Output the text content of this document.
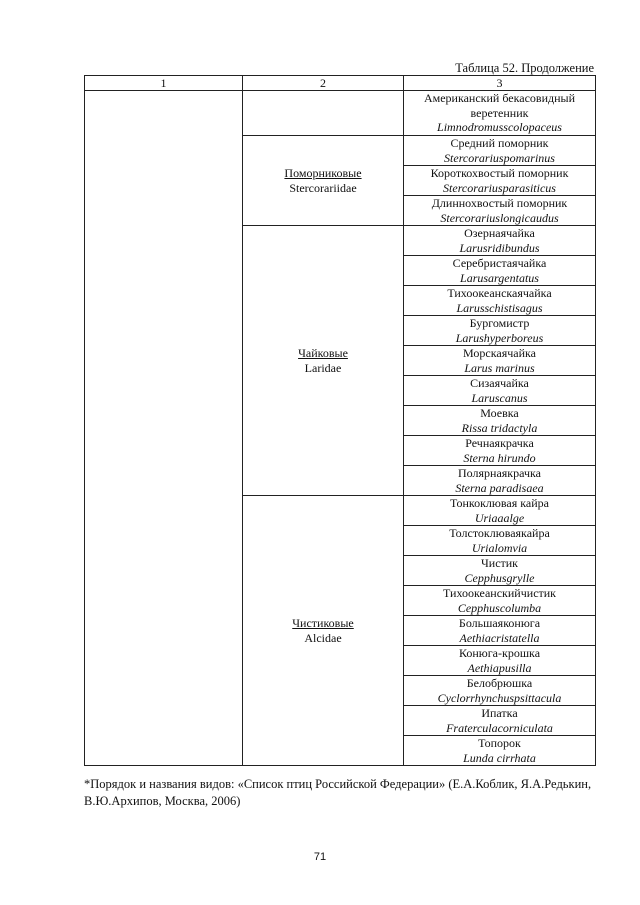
Таблица 52. Продолжение
1	2	3

		Американский бекасовидный веретенник
Limnodromusscolopaceus

	Поморниковые
Stercorariidae	Средний поморник
Stercorariuspomarinus

		Короткохвостый поморник
Stercorariusparasiticus

		Длиннохвостый поморник
Stercorariuslongicaudus

	Чайковые
Laridae	Озернаячайка
Larusridibundus

		Серебристаячайка
Larusargentatus

		Тихоокеанскаячайка
Larusschistisagus

		Бургомистр
Larushyperboreus

		Морскаячайка
Larus marinus

		Сизаячайка
Laruscanus

		Моевка
Rissa tridactyla

		Речнаякрачка
Sterna hirundo

		Полярнаякрачка
Sterna paradisaea

	Чистиковые
Alcidae	Тонкоклювая кайра
Uriaaalge

		Толстоклюваякайра
Urialomvia

		Чистик
Cepphusgrylle

		Тихоокеанскийчистик
Cepphuscolumba

		Большаяконюга
Aethiacristatella

		Конюга-крошка
Aethiapusilla

		Белобрюшка
Cyclorrhynchuspsittacula

		Ипатка
Fraterculacorniculata

		Топорок
Lunda cirrhata
*Порядок и названия видов: «Список птиц Российской Федерации» (Е.А.Коблик, Я.А.Редькин, В.Ю.Архипов, Москва, 2006)
71
